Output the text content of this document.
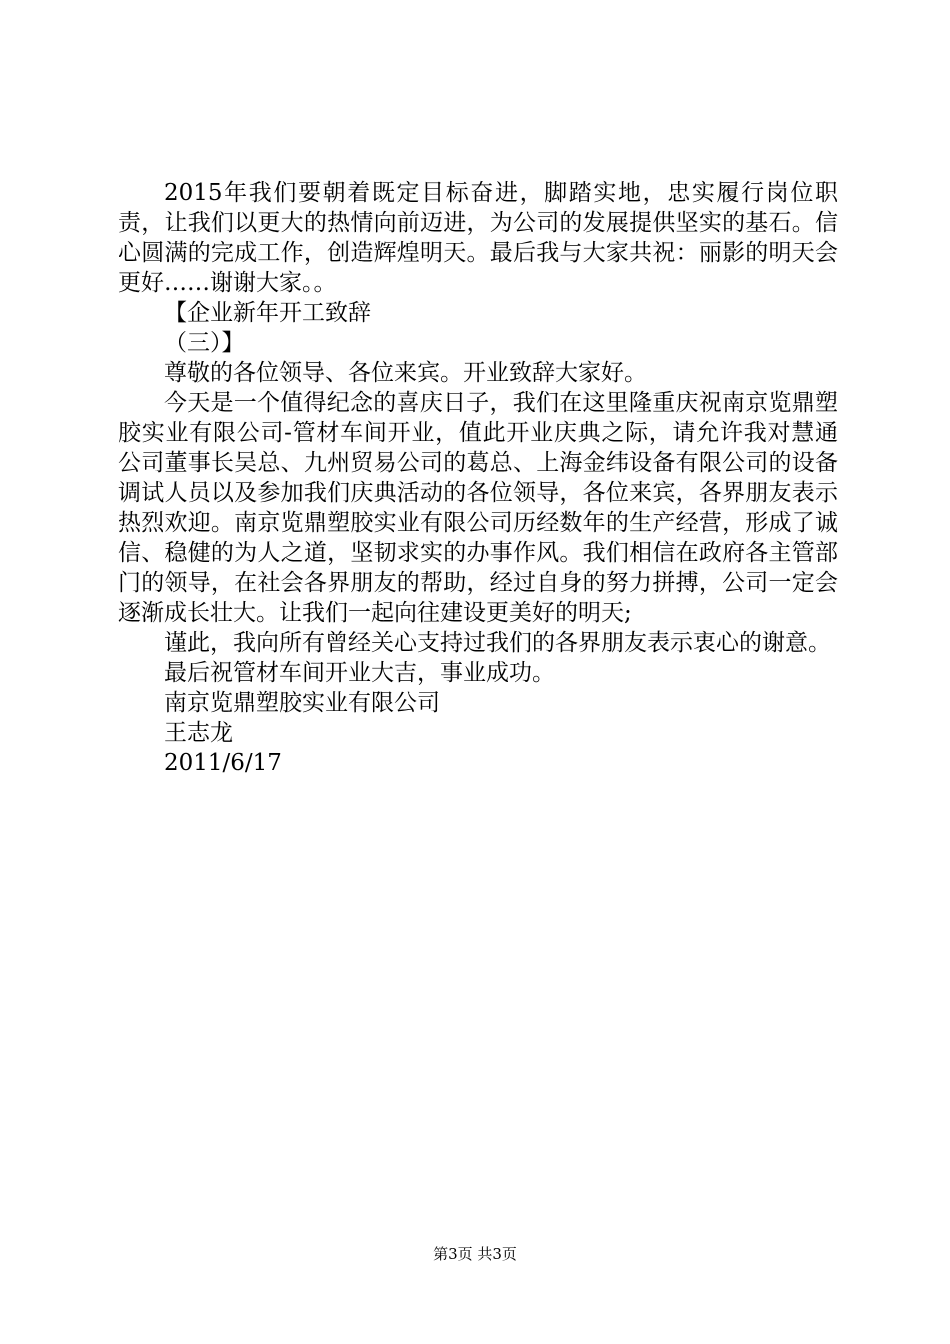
2015年我们要朝着既定目标奋进，脚踏实地，忠实履行岗位职责，让我们以更大的热情向前迈进，为公司的发展提供坚实的基石。信心圆满的完成工作，创造辉煌明天。最后我与大家共祝：丽影的明天会更好……谢谢大家。。

【企业新年开工致辞

（三）】

尊敬的各位领导、各位来宾。开业致辞大家好。

今天是一个值得纪念的喜庆日子，我们在这里隆重庆祝南京览鼎塑胶实业有限公司-管材车间开业，值此开业庆典之际，请允许我对慧通公司董事长吴总、九州贸易公司的葛总、上海金纬设备有限公司的设备调试人员以及参加我们庆典活动的各位领导，各位来宾，各界朋友表示热烈欢迎。南京览鼎塑胶实业有限公司历经数年的生产经营，形成了诚信、稳健的为人之道，坚韧求实的办事作风。我们相信在政府各主管部门的领导，在社会各界朋友的帮助，经过自身的努力拼搏，公司一定会逐渐成长壮大。让我们一起向往建设更美好的明天;

谨此，我向所有曾经关心支持过我们的各界朋友表示衷心的谢意。

最后祝管材车间开业大吉，事业成功。

南京览鼎塑胶实业有限公司

王志龙

2011/6/17

第3页 共3页
